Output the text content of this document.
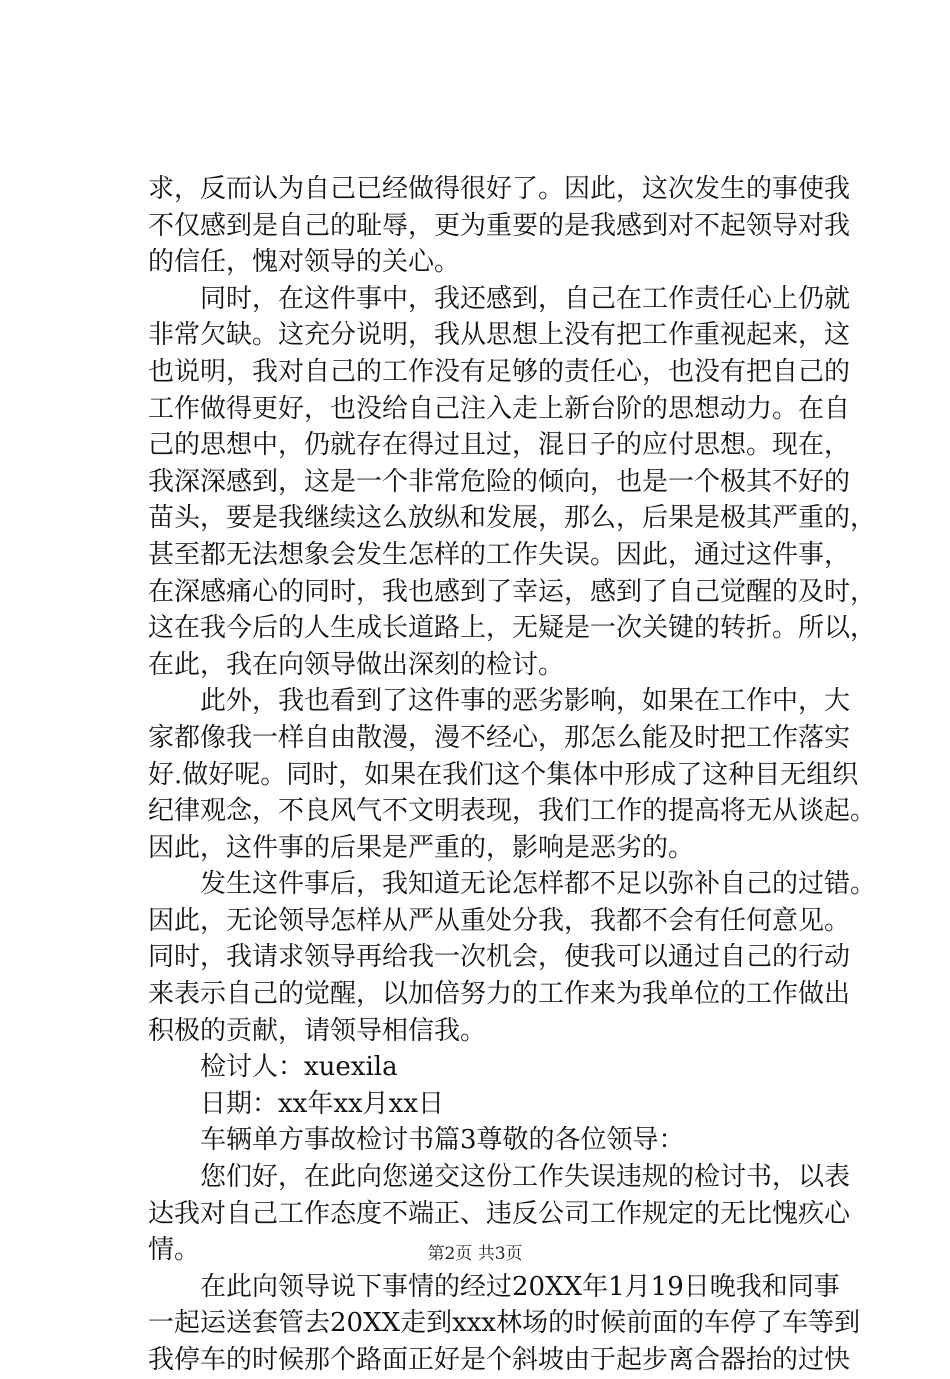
求，反而认为自己已经做得很好了。因此，这次发生的事使我
不仅感到是自己的耻辱，更为重要的是我感到对不起领导对我
的信任，愧对领导的关心。
　　同时，在这件事中，我还感到，自己在工作责任心上仍就
非常欠缺。这充分说明，我从思想上没有把工作重视起来，这
也说明，我对自己的工作没有足够的责任心，也没有把自己的
工作做得更好，也没给自己注入走上新台阶的思想动力。在自
己的思想中，仍就存在得过且过，混日子的应付思想。现在，
我深深感到，这是一个非常危险的倾向，也是一个极其不好的
苗头，要是我继续这么放纵和发展，那么，后果是极其严重的，
甚至都无法想象会发生怎样的工作失误。因此，通过这件事，
在深感痛心的同时，我也感到了幸运，感到了自己觉醒的及时，
这在我今后的人生成长道路上，无疑是一次关键的转折。所以，
在此，我在向领导做出深刻的检讨。
　　此外，我也看到了这件事的恶劣影响，如果在工作中，大
家都像我一样自由散漫，漫不经心，那怎么能及时把工作落实
好.做好呢。同时，如果在我们这个集体中形成了这种目无组织
纪律观念，不良风气不文明表现，我们工作的提高将无从谈起。
因此，这件事的后果是严重的，影响是恶劣的。
　　发生这件事后，我知道无论怎样都不足以弥补自己的过错。
因此，无论领导怎样从严从重处分我，我都不会有任何意见。
同时，我请求领导再给我一次机会，使我可以通过自己的行动
来表示自己的觉醒，以加倍努力的工作来为我单位的工作做出
积极的贡献，请领导相信我。
　　检讨人：xuexila
　　日期：xx年xx月xx日
　　车辆单方事故检讨书篇3尊敬的各位领导：
　　您们好，在此向您递交这份工作失误违规的检讨书，以表
达我对自己工作态度不端正、违反公司工作规定的无比愧疚心
情。
　　在此向领导说下事情的经过20XX年1月19日晚我和同事
一起运送套管去20XX走到xxx林场的时候前面的车停了车等到
我停车的时候那个路面正好是个斜坡由于起步离合器抬的过快
第2页 共3页
